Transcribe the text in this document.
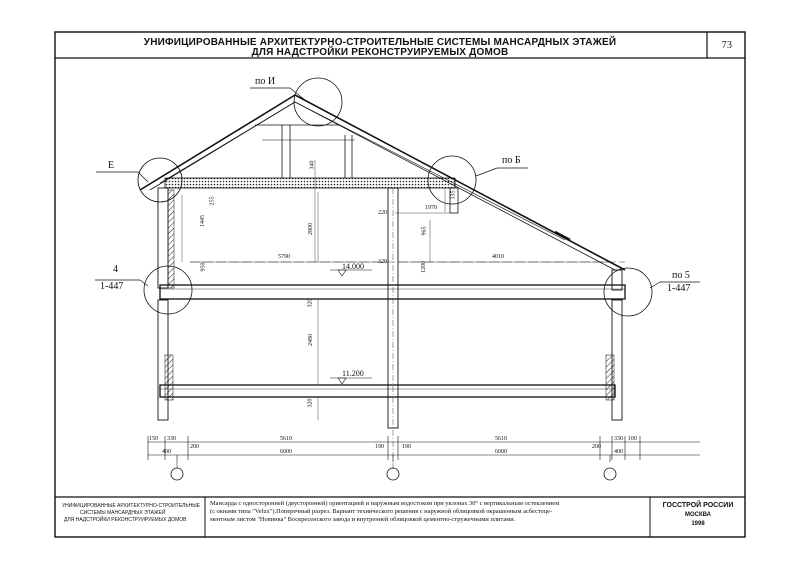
УНИФИЦИРОВАННЫЕ АРХИТЕКТУРНО-СТРОИТЕЛЬНЫЕ СИСТЕМЫ МАНСАРДНЫХ ЭТАЖЕЙ
ДЛЯ НАДСТРОЙКИ РЕКОНСТРУИРУЕМЫХ ДОМОВ
73
по И
по Б
Е
4
1-447
по 5
1-447
14.000
11.200
340
2800
220
1970
135
965
1445
255
950
5790
320
4010
1200
320
2480
320
150 330	5610	5610	330 100
400
200
6000
190	190
6000
200
400
УНИФИЦИРОВАННЫЕ АРХИТЕКТУРНО-СТРОИТЕЛЬНЫЕ
СИСТЕМЫ МАНСАРДНЫХ ЭТАЖЕЙ
ДЛЯ НАДСТРОЙКИ РЕКОНСТРУИРУЕМЫХ ДОМОВ
Мансарда с односторонней (двусторонней) ориентацией и наружным водостоком при уклонах 30° с вертикальным остеклением
(с окнами типа "Velux").Поперечный разрез. Вариант технического решения с наружной облицовкой окрашенным асбестоце-
ментным листом "Новинка" Воскресенского завода и внутренней облицовкой цементно-стружечными плитами.
ГОССТРОЙ РОССИИ
МОСКВА
1998
